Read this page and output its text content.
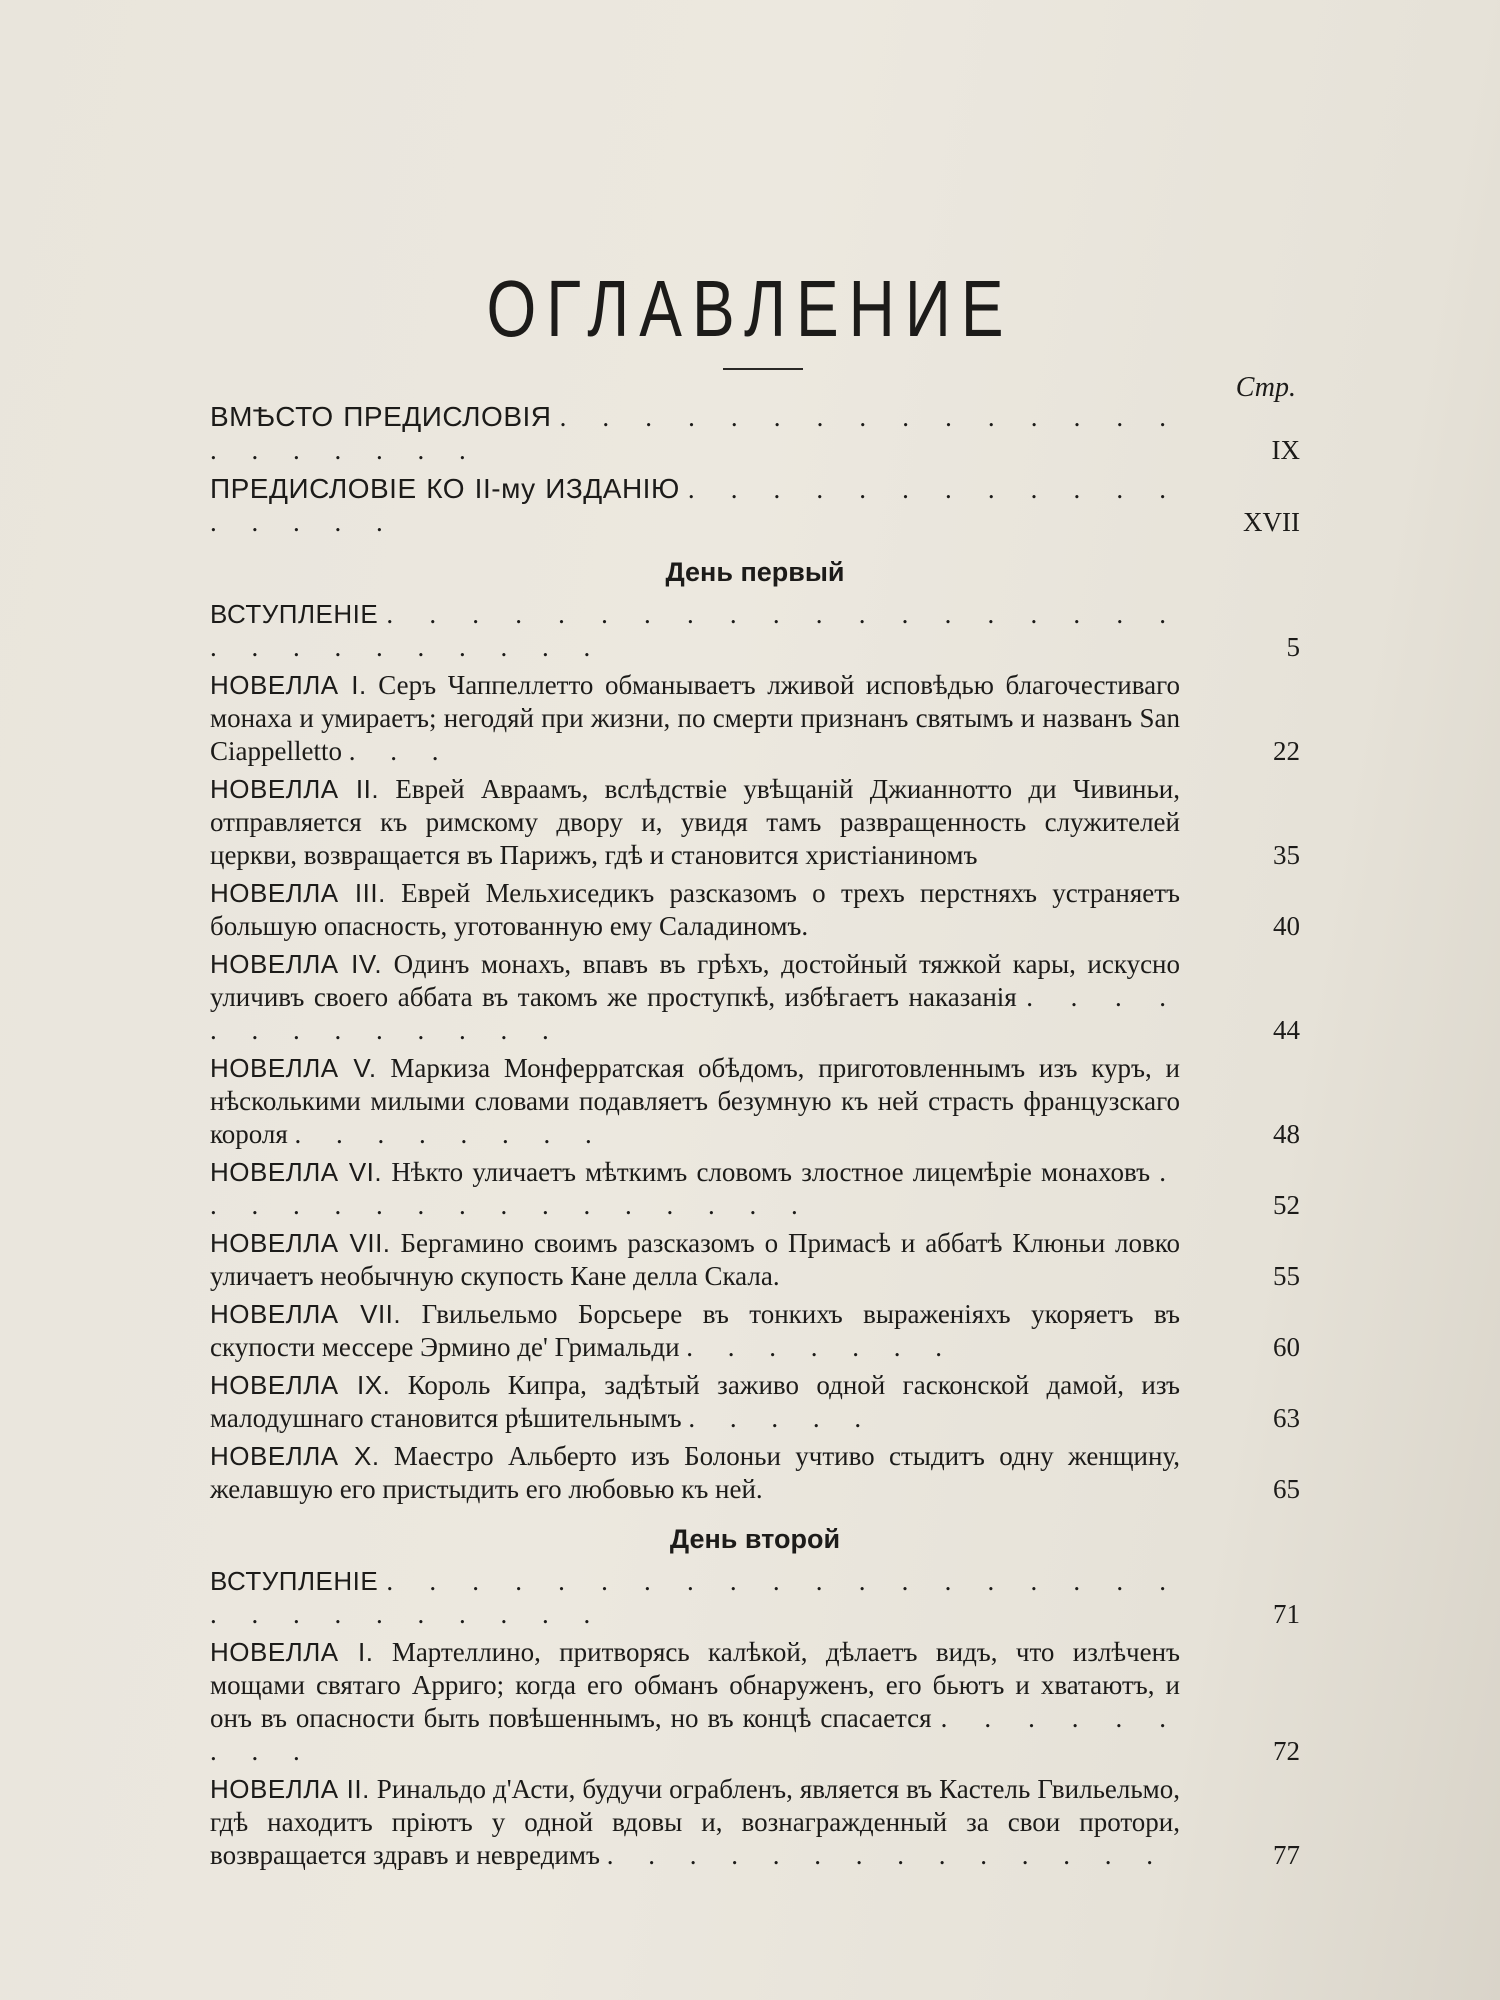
ОГЛАВЛЕНИЕ
Стр.
ВМѢСТО ПРЕДИСЛОВІЯ . . . . . . . . . . . . . . . . . . . . . .	IX
ПРЕДИСЛОВІЕ КО II-му ИЗДАНІЮ . . . . . . . . . . . . . . . . .	XVII
День первый
ВСТУПЛЕНІЕ . . . . . . . . . . . . . . . . . . . . . . . . . . . . .	5
НОВЕЛЛА I. Серъ Чаппеллетто обманываетъ лживой исповѣдью благочестиваго монаха и умираетъ; негодяй при жизни, по смерти признанъ святымъ и названъ San Ciappelletto . . .	22
НОВЕЛЛА II. Еврей Авраамъ, вслѣдствіе увѣщаній Джианнотто ди Чивиньи, отправляется къ римскому двору и, увидя тамъ развращенность служителей церкви, возвращается въ Парижъ, гдѣ и становится христіаниномъ	35
НОВЕЛЛА III. Еврей Мельхиседикъ разсказомъ о трехъ перстняхъ устраняетъ большую опасность, уготованную ему Саладиномъ.	40
НОВЕЛЛА IV. Одинъ монахъ, впавъ въ грѣхъ, достойный тяжкой кары, искусно уличивъ своего аббата въ такомъ же проступкѣ, избѣгаетъ наказанія . . . . . . . . . . . . .	44
НОВЕЛЛА V. Маркиза Монферратская обѣдомъ, приготовленнымъ изъ куръ, и нѣсколькими милыми словами подавляетъ безумную къ ней страсть французскаго короля . . . . . . . .	48
НОВЕЛЛА VI. Нѣкто уличаетъ мѣткимъ словомъ злостное лицемѣріе монаховъ . . . . . . . . . . . . . . . .	52
НОВЕЛЛА VII. Бергамино своимъ разсказомъ о Примасѣ и аббатѣ Клюньи ловко уличаетъ необычную скупость Кане делла Скала.	55
НОВЕЛЛА VII. Гвильельмо Борсьере въ тонкихъ выраженіяхъ укоряетъ въ скупости мессере Эрмино де' Гримальди . . . . . . .	60
НОВЕЛЛА IX. Король Кипра, задѣтый заживо одной гасконской дамой, изъ малодушнаго становится рѣшительнымъ . . . . .	63
НОВЕЛЛА X. Маестро Альберто изъ Болоньи учтиво стыдитъ одну женщину, желавшую его пристыдить его любовью къ ней.	65
День второй
ВСТУПЛЕНІЕ . . . . . . . . . . . . . . . . . . . . . . . . . . . . .	71
НОВЕЛЛА I. Мартеллино, притворясь калѣкой, дѣлаетъ видъ, что излѣченъ мощами святаго Арриго; когда его обманъ обнаруженъ, его бьютъ и хватаютъ, и онъ въ опасности быть повѣшеннымъ, но въ концѣ спасается . . . . . . . . .	72
НОВЕЛЛА II. Ринальдо д'Асти, будучи ограбленъ, является въ Кастель Гвильельмо, гдѣ находитъ пріютъ у одной вдовы и, вознагражденный за свои протори, возвращается здравъ и невредимъ . . . . . . . . . . . . . .	77
